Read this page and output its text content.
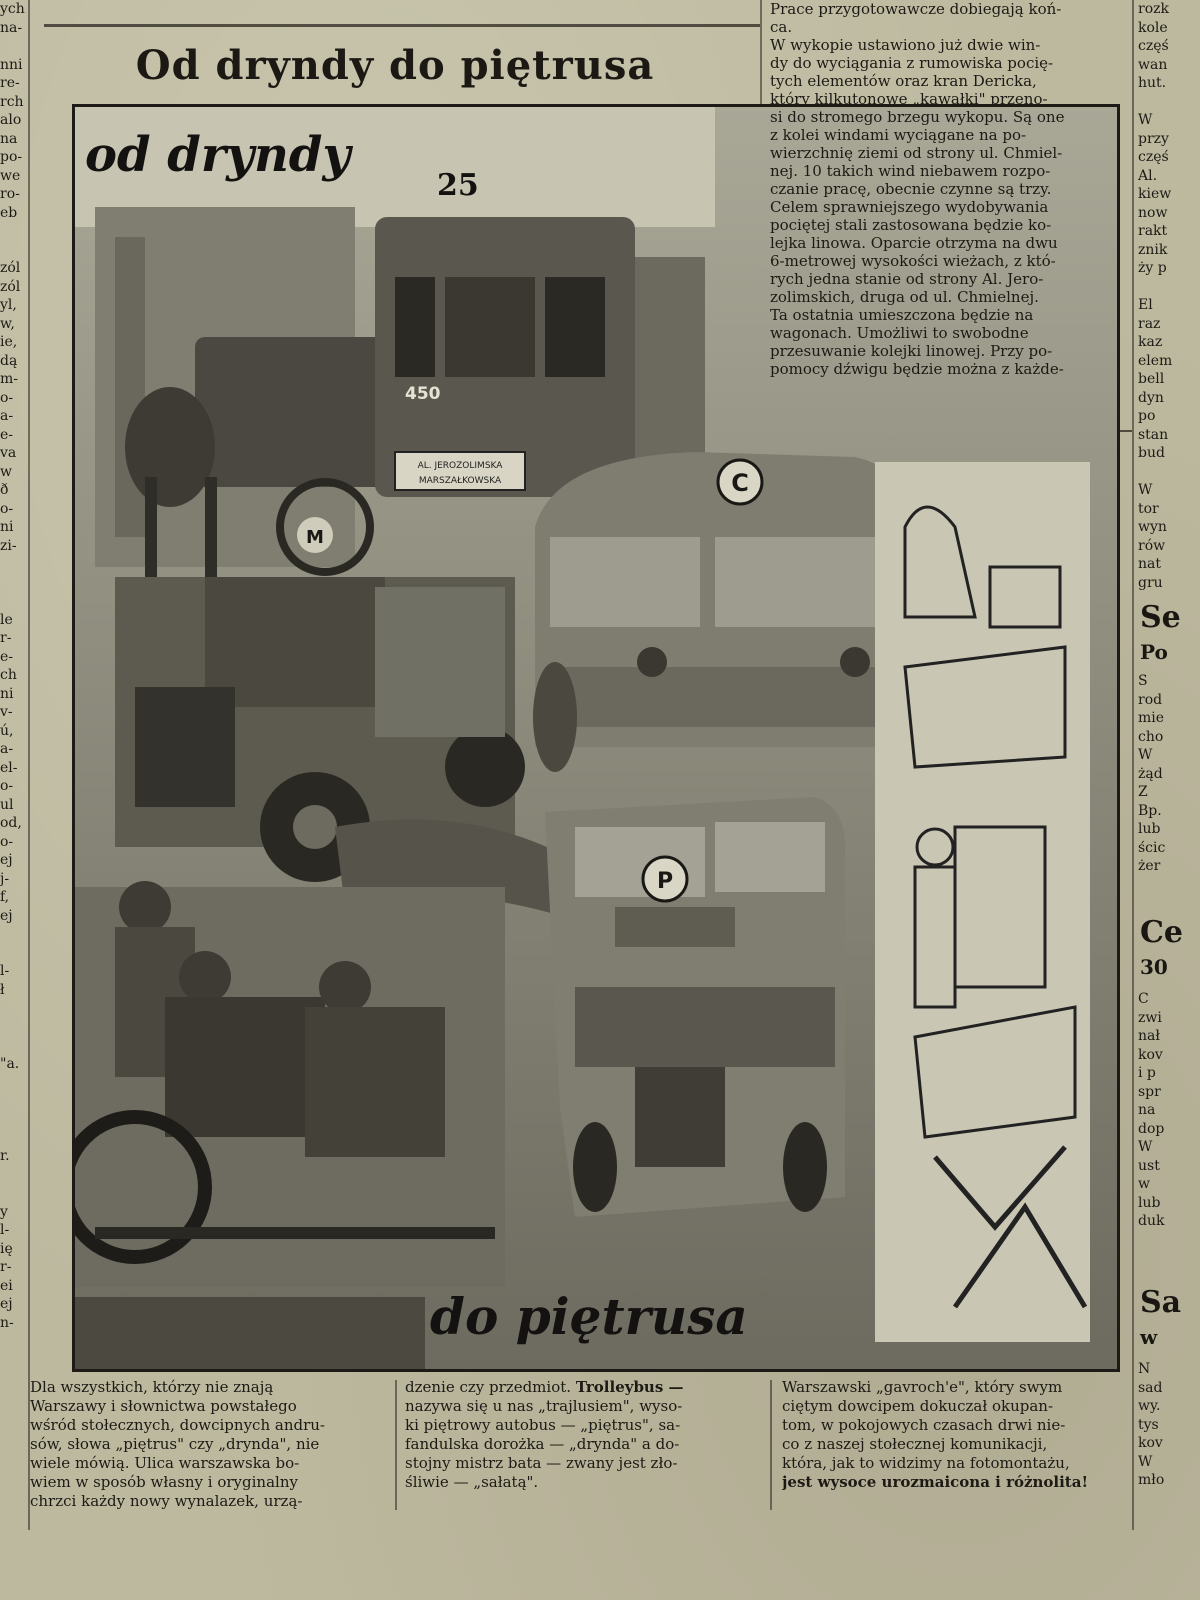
ych
na-

nni
re-
rch
alo
na
po-
we
ro-
eb

zól
zól
yl,
w,
ie,
dą
m-
o-
a-
e-
va
w
ð
o-
ni
zi-

le
r-
e-
ch
ni
v-
ú,
a-
el-
o-
ul
od,
o-
ej
j-
f,
ej

l-
ł

"a.

r.

y
l-
ię
r-
ei
ej
n-
Od dryndy do piętrusa
450
AL. JEROZOLIMSKA
MARSZAŁKOWSKA
25
C
M
P
od dryndy
do piętrusa
Prace przygotowawcze dobiegają koń-
ca.
W wykopie ustawiono już dwie win-
dy do wyciągania z rumowiska pocię-
tych elementów oraz kran Dericka,
który kilkutonowe „kawałki" przeno-
si do stromego brzegu wykopu. Są one
z kolei windami wyciągane na po-
wierzchnię ziemi od strony ul. Chmiel-
nej. 10 takich wind niebawem rozpo-
czanie pracę, obecnie czynne są trzy.
Celem sprawniejszego wydobywania
pociętej stali zastosowana będzie ko-
lejka linowa. Oparcie otrzyma na dwu
6-metrowej wysokości wieżach, z któ-
rych jedna stanie od strony Al. Jero-
zolimskich, druga od ul. Chmielnej.
Ta ostatnia umieszczona będzie na
wagonach. Umożliwi to swobodne
przesuwanie kolejki linowej. Przy po-
pomocy dźwigu będzie można z każde-
rozk
kole
częś
wan
hut.

W
przy
częś
Al.
kiew
now
rakt
znik
ży p

El
raz
kaz
elem
bell
dyn
po
stan
bud

W
tor
wyn
rów
nat
gru
Se
Po
S
rod
mie
cho
W
żąd
Z
Bp.
lub
ścic
żer
Ce
30
C
zwi
nał
kov
i p
spr
na
dop
W
ust
w
lub
duk
Sa
w
N
sad
wy.
tys
kov
W
mło
Dla wszystkich, którzy nie znają
Warszawy i słownictwa powstałego
wśród stołecznych, dowcipnych andru-
sów, słowa „piętrus" czy „drynda", nie
wiele mówią. Ulica warszawska bo-
wiem w sposób własny i oryginalny
chrzci każdy nowy wynalazek, urzą-
dzenie czy przedmiot. Trolleybus —
nazywa się u nas „trajlusiem", wyso-
ki piętrowy autobus — „piętrus", sa-
fandulska dorożka — „drynda" a do-
stojny mistrz bata — zwany jest zło-
śliwie — „sałatą".
Warszawski „gavroch'e", który swym
ciętym dowcipem dokuczał okupan-
tom, w pokojowych czasach drwi nie-
co z naszej stołecznej komunikacji,
która, jak to widzimy na fotomontażu,
jest wysoce urozmaicona i różnolita!
